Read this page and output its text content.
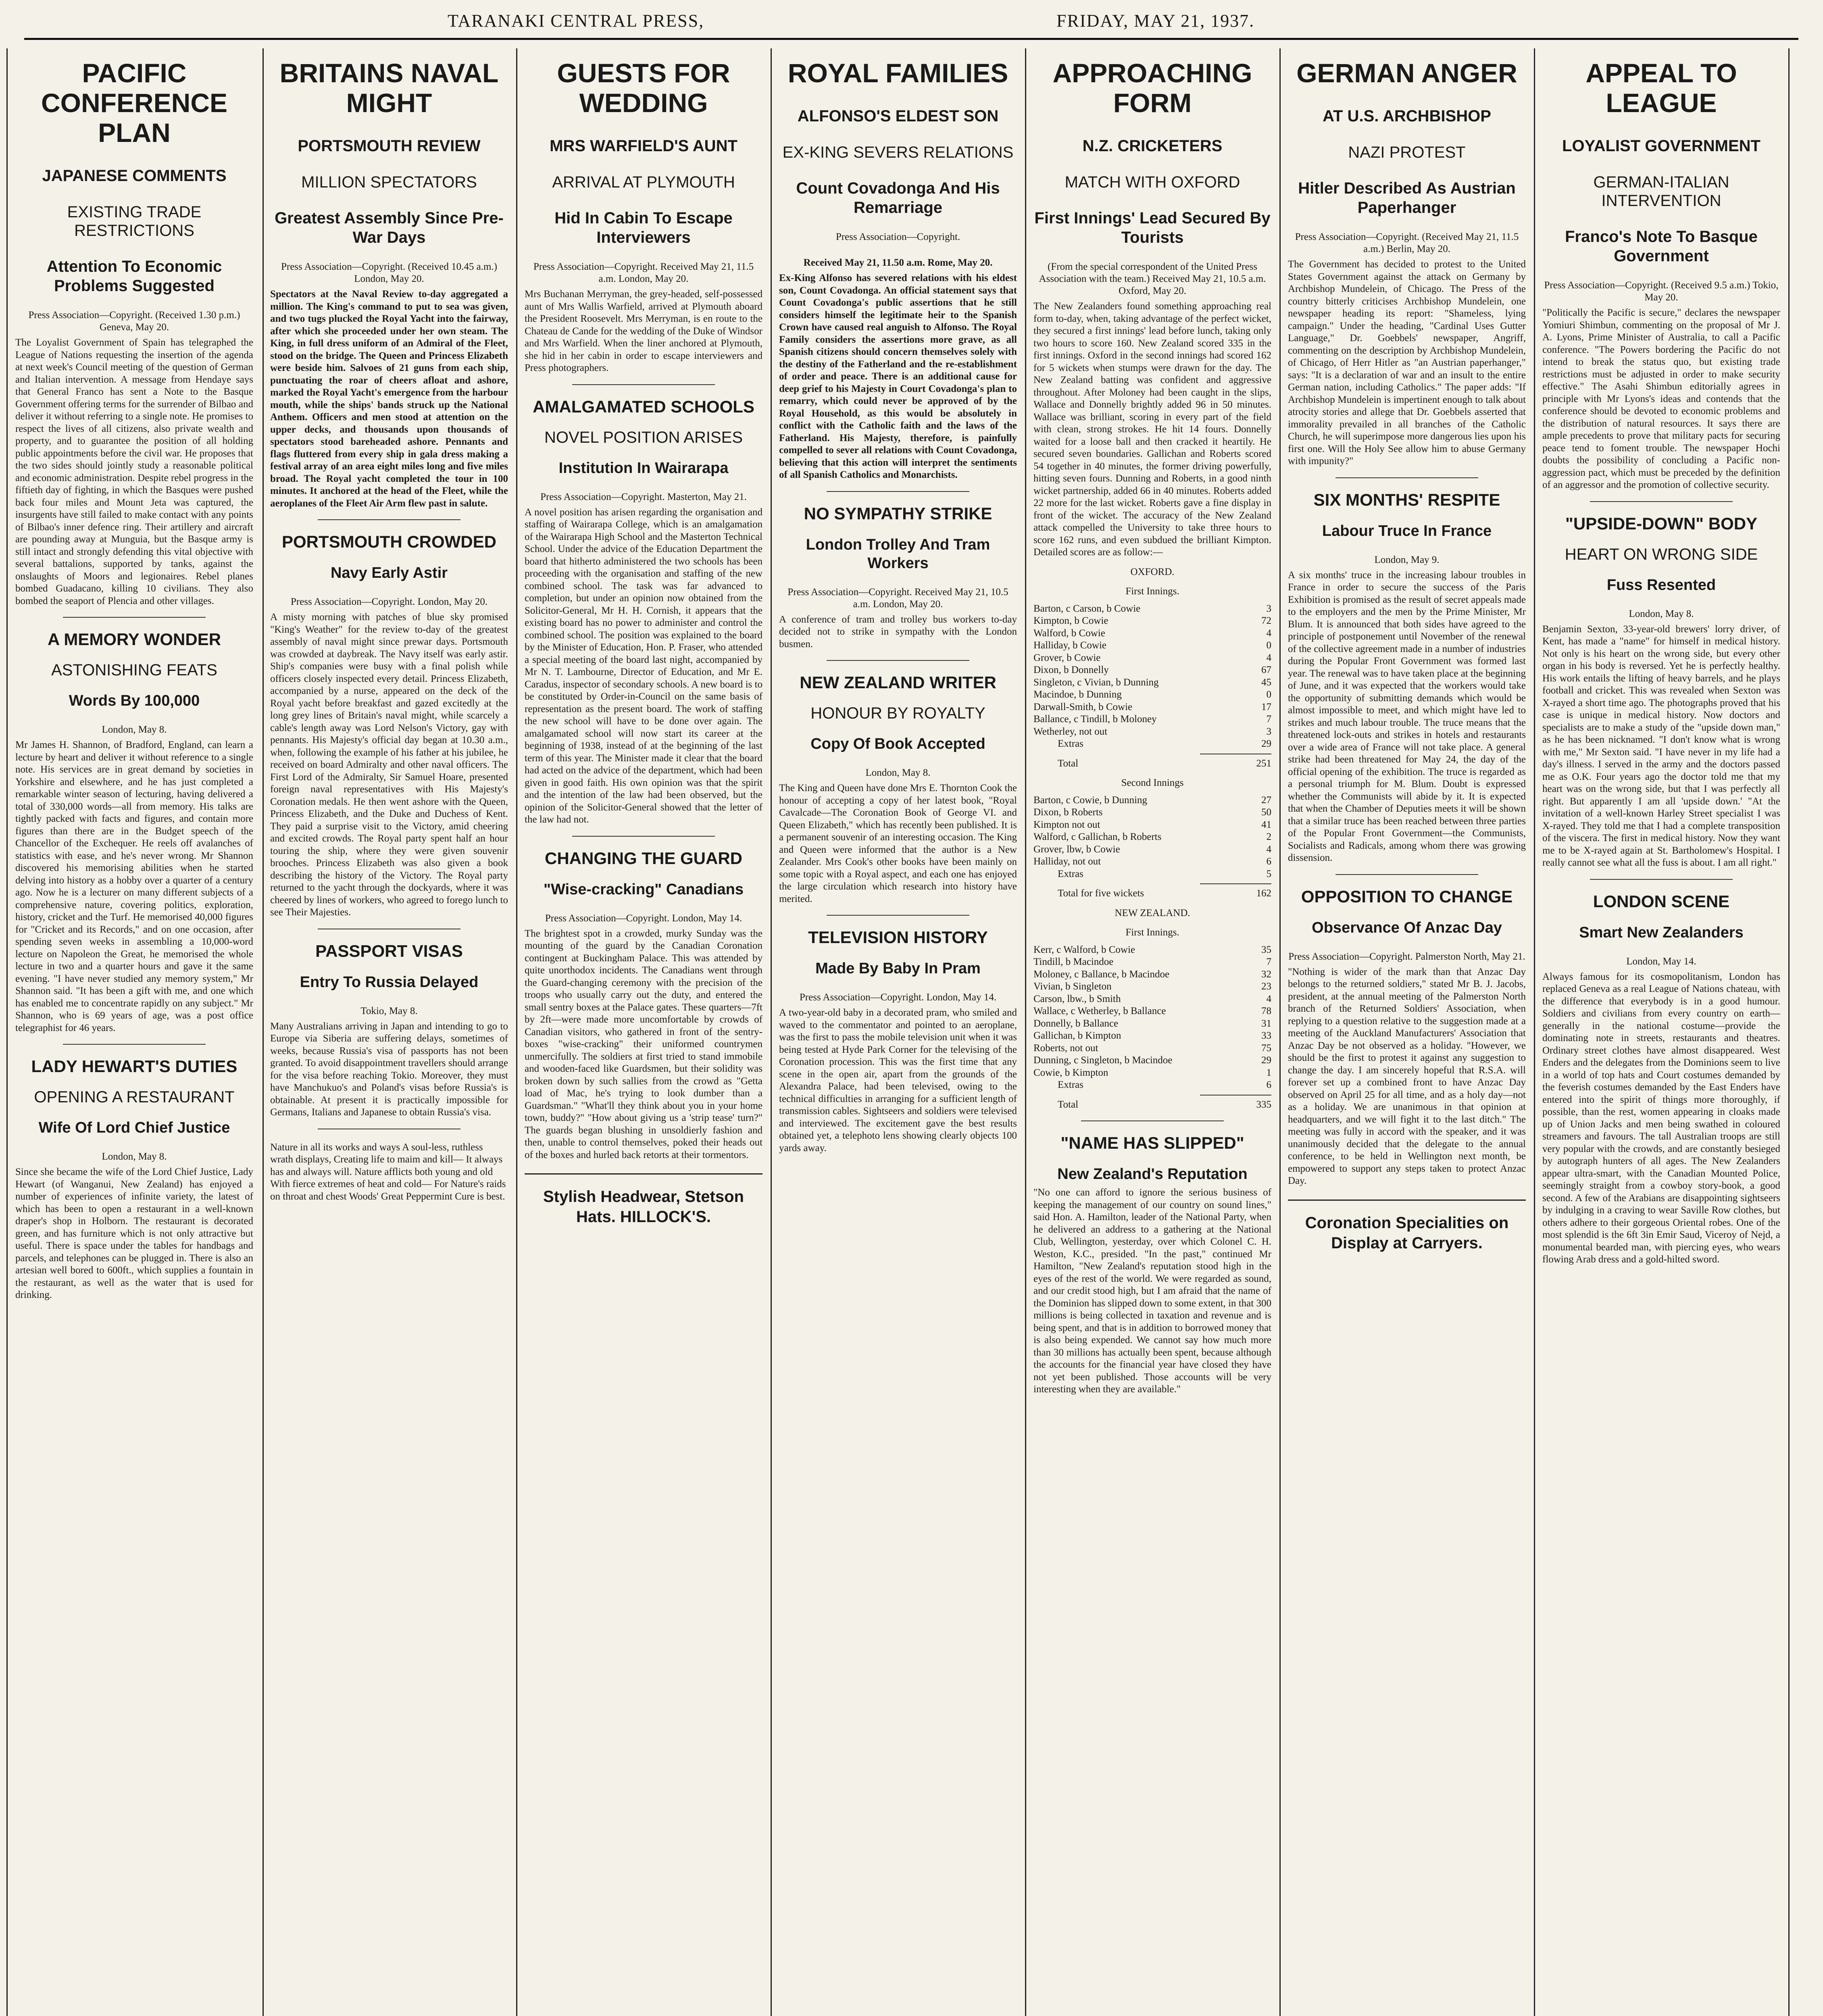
TARANAKI CENTRAL PRESS,	FRIDAY, MAY 21, 1937.
PACIFIC CONFERENCE PLAN
JAPANESE COMMENTS
EXISTING TRADE RESTRICTIONS
Attention To Economic Problems Suggested
Press Association—Copyright. (Received 1.30 p.m.) Geneva, May 20.
The Loyalist Government of Spain has telegraphed the League of Nations requesting the insertion of the agenda at next week's Council meeting of the question of German and Italian intervention. A message from Hendaye says that General Franco has sent a Note to the Basque Government offering terms for the surrender of Bilbao and deliver it without referring to a single note. He promises to respect the lives of all citizens, also private wealth and property, and to guarantee the position of all holding public appointments before the civil war. He proposes that the two sides should jointly study a reasonable political and economic administration. Despite rebel progress in the fiftieth day of fighting, in which the Basques were pushed back four miles and Mount Jeta was captured, the insurgents have still failed to make contact with any points of Bilbao's inner defence ring. Their artillery and aircraft are pounding away at Munguia, but the Basque army is still intact and strongly defending this vital objective with several battalions, supported by tanks, against the onslaughts of Moors and legionaires. Rebel planes bombed Guadacano, killing 10 civilians. They also bombed the seaport of Plencia and other villages.
A MEMORY WONDER
ASTONISHING FEATS
Words By 100,000
London, May 8.
Mr James H. Shannon, of Bradford, England, can learn a lecture by heart and deliver it without reference to a single note. His services are in great demand by societies in Yorkshire and elsewhere, and he has just completed a remarkable winter season of lecturing, having delivered a total of 330,000 words—all from memory. His talks are tightly packed with facts and figures, and contain more figures than there are in the Budget speech of the Chancellor of the Exchequer. He reels off avalanches of statistics with ease, and he's never wrong. Mr Shannon discovered his memorising abilities when he started delving into history as a hobby over a quarter of a century ago. Now he is a lecturer on many different subjects of a comprehensive nature, covering politics, exploration, history, cricket and the Turf. He memorised 40,000 figures for "Cricket and its Records," and on one occasion, after spending seven weeks in assembling a 10,000-word lecture on Napoleon the Great, he memorised the whole lecture in two and a quarter hours and gave it the same evening. "I have never studied any memory system," Mr Shannon said. "It has been a gift with me, and one which has enabled me to concentrate rapidly on any subject." Mr Shannon, who is 69 years of age, was a post office telegraphist for 46 years.
LADY HEWART'S DUTIES
OPENING A RESTAURANT
Wife Of Lord Chief Justice
London, May 8.
Since she became the wife of the Lord Chief Justice, Lady Hewart (of Wanganui, New Zealand) has enjoyed a number of experiences of infinite variety, the latest of which has been to open a restaurant in a well-known draper's shop in Holborn. The restaurant is decorated green, and has furniture which is not only attractive but useful. There is space under the tables for handbags and parcels, and telephones can be plugged in. There is also an artesian well bored to 600ft., which supplies a fountain in the restaurant, as well as the water that is used for drinking.
BRITAINS NAVAL MIGHT
PORTSMOUTH REVIEW
MILLION SPECTATORS
Greatest Assembly Since Pre-War Days
Press Association—Copyright. (Received 10.45 a.m.) London, May 20.
Spectators at the Naval Review to-day aggregated a million. The King's command to put to sea was given, and two tugs plucked the Royal Yacht into the fairway, after which she proceeded under her own steam. The King, in full dress uniform of an Admiral of the Fleet, stood on the bridge. The Queen and Princess Elizabeth were beside him. Salvoes of 21 guns from each ship, punctuating the roar of cheers afloat and ashore, marked the Royal Yacht's emergence from the harbour mouth, while the ships' bands struck up the National Anthem. Officers and men stood at attention on the upper decks, and thousands upon thousands of spectators stood bareheaded ashore. Pennants and flags fluttered from every ship in gala dress making a festival array of an area eight miles long and five miles broad. The Royal yacht completed the tour in 100 minutes. It anchored at the head of the Fleet, while the aeroplanes of the Fleet Air Arm flew past in salute.
PORTSMOUTH CROWDED
Navy Early Astir
Press Association—Copyright. London, May 20.
A misty morning with patches of blue sky promised "King's Weather" for the review to-day of the greatest assembly of naval might since prewar days. Portsmouth was crowded at daybreak. The Navy itself was early astir. Ship's companies were busy with a final polish while officers closely inspected every detail. Princess Elizabeth, accompanied by a nurse, appeared on the deck of the Royal yacht before breakfast and gazed excitedly at the long grey lines of Britain's naval might, while scarcely a cable's length away was Lord Nelson's Victory, gay with pennants. His Majesty's official day began at 10.30 a.m., when, following the example of his father at his jubilee, he received on board Admiralty and other naval officers. The First Lord of the Admiralty, Sir Samuel Hoare, presented foreign naval representatives with His Majesty's Coronation medals. He then went ashore with the Queen, Princess Elizabeth, and the Duke and Duchess of Kent. They paid a surprise visit to the Victory, amid cheering and excited crowds. The Royal party spent half an hour touring the ship, where they were given souvenir brooches. Princess Elizabeth was also given a book describing the history of the Victory. The Royal party returned to the yacht through the dockyards, where it was cheered by lines of workers, who agreed to forego lunch to see Their Majesties.
PASSPORT VISAS
Entry To Russia Delayed
Tokio, May 8.
Many Australians arriving in Japan and intending to go to Europe via Siberia are suffering delays, sometimes of weeks, because Russia's visa of passports has not been granted. To avoid disappointment travellers should arrange for the visa before reaching Tokio. Moreover, they must have Manchukuo's and Poland's visas before Russia's is obtainable. At present it is practically impossible for Germans, Italians and Japanese to obtain Russia's visa.
Nature in all its works and ways A soul-less, ruthless wrath displays, Creating life to maim and kill— It always has and always will. Nature afflicts both young and old With fierce extremes of heat and cold— For Nature's raids on throat and chest Woods' Great Peppermint Cure is best.
GUESTS FOR WEDDING
MRS WARFIELD'S AUNT
ARRIVAL AT PLYMOUTH
Hid In Cabin To Escape Interviewers
Press Association—Copyright. Received May 21, 11.5 a.m. London, May 20.
Mrs Buchanan Merryman, the grey-headed, self-possessed aunt of Mrs Wallis Warfield, arrived at Plymouth aboard the President Roosevelt. Mrs Merryman, is en route to the Chateau de Cande for the wedding of the Duke of Windsor and Mrs Warfield. When the liner anchored at Plymouth, she hid in her cabin in order to escape interviewers and Press photographers.
AMALGAMATED SCHOOLS
NOVEL POSITION ARISES
Institution In Wairarapa
Press Association—Copyright. Masterton, May 21.
A novel position has arisen regarding the organisation and staffing of Wairarapa College, which is an amalgamation of the Wairarapa High School and the Masterton Technical School. Under the advice of the Education Department the board that hitherto administered the two schools has been proceeding with the organisation and staffing of the new combined school. The task was far advanced to completion, but under an opinion now obtained from the Solicitor-General, Mr H. H. Cornish, it appears that the existing board has no power to administer and control the combined school. The position was explained to the board by the Minister of Education, Hon. P. Fraser, who attended a special meeting of the board last night, accompanied by Mr N. T. Lambourne, Director of Education, and Mr E. Caradus, inspector of secondary schools. A new board is to be constituted by Order-in-Council on the same basis of representation as the present board. The work of staffing the new school will have to be done over again. The amalgamated school will now start its career at the beginning of 1938, instead of at the beginning of the last term of this year. The Minister made it clear that the board had acted on the advice of the department, which had been given in good faith. His own opinion was that the spirit and the intention of the law had been observed, but the opinion of the Solicitor-General showed that the letter of the law had not.
CHANGING THE GUARD
"Wise-cracking" Canadians
Press Association—Copyright. London, May 14.
The brightest spot in a crowded, murky Sunday was the mounting of the guard by the Canadian Coronation contingent at Buckingham Palace. This was attended by quite unorthodox incidents. The Canadians went through the Guard-changing ceremony with the precision of the troops who usually carry out the duty, and entered the small sentry boxes at the Palace gates. These quarters—7ft by 2ft—were made more uncomfortable by crowds of Canadian visitors, who gathered in front of the sentry-boxes "wise-cracking" their uniformed countrymen unmercifully. The soldiers at first tried to stand immobile and wooden-faced like Guardsmen, but their solidity was broken down by such sallies from the crowd as "Getta load of Mac, he's trying to look dumber than a Guardsman." "What'll they think about you in your home town, buddy?" "How about giving us a 'strip tease' turn?" The guards began blushing in unsoldierly fashion and then, unable to control themselves, poked their heads out of the boxes and hurled back retorts at their tormentors.
Stylish Headwear, Stetson Hats. HILLOCK'S.
ROYAL FAMILIES
ALFONSO'S ELDEST SON
EX-KING SEVERS RELATIONS
Count Covadonga And His Remarriage
Press Association—Copyright.
Received May 21, 11.50 a.m. Rome, May 20.
Ex-King Alfonso has severed relations with his eldest son, Count Covadonga. An official statement says that Count Covadonga's public assertions that he still considers himself the legitimate heir to the Spanish Crown have caused real anguish to Alfonso. The Royal Family considers the assertions more grave, as all Spanish citizens should concern themselves solely with the destiny of the Fatherland and the re-establishment of order and peace. There is an additional cause for deep grief to his Majesty in Court Covadonga's plan to remarry, which could never be approved of by the Royal Household, as this would be absolutely in conflict with the Catholic faith and the laws of the Fatherland. His Majesty, therefore, is painfully compelled to sever all relations with Count Covadonga, believing that this action will interpret the sentiments of all Spanish Catholics and Monarchists.
NO SYMPATHY STRIKE
London Trolley And Tram Workers
Press Association—Copyright. Received May 21, 10.5 a.m. London, May 20.
A conference of tram and trolley bus workers to-day decided not to strike in sympathy with the London busmen.
NEW ZEALAND WRITER
HONOUR BY ROYALTY
Copy Of Book Accepted
London, May 8.
The King and Queen have done Mrs E. Thornton Cook the honour of accepting a copy of her latest book, "Royal Cavalcade—The Coronation Book of George VI. and Queen Elizabeth," which has recently been published. It is a permanent souvenir of an interesting occasion. The King and Queen were informed that the author is a New Zealander. Mrs Cook's other books have been mainly on some topic with a Royal aspect, and each one has enjoyed the large circulation which research into history have merited.
TELEVISION HISTORY
Made By Baby In Pram
Press Association—Copyright. London, May 14.
A two-year-old baby in a decorated pram, who smiled and waved to the commentator and pointed to an aeroplane, was the first to pass the mobile television unit when it was being tested at Hyde Park Corner for the televising of the Coronation procession. This was the first time that any scene in the open air, apart from the grounds of the Alexandra Palace, had been televised, owing to the technical difficulties in arranging for a sufficient length of transmission cables. Sightseers and soldiers were televised and interviewed. The excitement gave the best results obtained yet, a telephoto lens showing clearly objects 100 yards away.
APPROACHING FORM
N.Z. CRICKETERS
MATCH WITH OXFORD
First Innings' Lead Secured By Tourists
(From the special correspondent of the United Press Association with the team.) Received May 21, 10.5 a.m. Oxford, May 20.
The New Zealanders found something approaching real form to-day, when, taking advantage of the perfect wicket, they secured a first innings' lead before lunch, taking only two hours to score 160. New Zealand scored 335 in the first innings. Oxford in the second innings had scored 162 for 5 wickets when stumps were drawn for the day. The New Zealand batting was confident and aggressive throughout. After Moloney had been caught in the slips, Wallace and Donnelly brightly added 96 in 50 minutes. Wallace was brilliant, scoring in every part of the field with clean, strong strokes. He hit 14 fours. Donnelly waited for a loose ball and then cracked it heartily. He secured seven boundaries. Gallichan and Roberts scored 54 together in 40 minutes, the former driving powerfully, hitting seven fours. Dunning and Roberts, in a good ninth wicket partnership, added 66 in 40 minutes. Roberts added 22 more for the last wicket. Roberts gave a fine display in front of the wicket. The accuracy of the New Zealand attack compelled the University to take three hours to score 162 runs, and even subdued the brilliant Kimpton. Detailed scores are as follow:—
OXFORD.
First Innings.
Barton, c Carson, b Cowie	3
Kimpton, b Cowie	72
Walford, b Cowie	4
Halliday, b Cowie	0
Grover, b Cowie	4
Dixon, b Donnelly	67
Singleton, c Vivian, b Dunning	45
Macindoe, b Dunning	0
Darwall-Smith, b Cowie	17
Ballance, c Tindill, b Moloney	7
Wetherley, not out	3
Extras	29
Total	251
Second Innings
Barton, c Cowie, b Dunning	27
Dixon, b Roberts	50
Kimpton not out	41
Walford, c Gallichan, b Roberts	2
Grover, lbw, b Cowie	4
Halliday, not out	6
Extras	5
Total for five wickets	162
NEW ZEALAND.
First Innings.
Kerr, c Walford, b Cowie	35
Tindill, b Macindoe	7
Moloney, c Ballance, b Macindoe	32
Vivian, b Singleton	23
Carson, lbw., b Smith	4
Wallace, c Wetherley, b Ballance	78
Donnelly, b Ballance	31
Gallichan, b Kimpton	33
Roberts, not out	75
Dunning, c Singleton, b Macindoe	29
Cowie, b Kimpton	1
Extras	6
Total	335
"NAME HAS SLIPPED"
New Zealand's Reputation
"No one can afford to ignore the serious business of keeping the management of our country on sound lines," said Hon. A. Hamilton, leader of the National Party, when he delivered an address to a gathering at the National Club, Wellington, yesterday, over which Colonel C. H. Weston, K.C., presided. "In the past," continued Mr Hamilton, "New Zealand's reputation stood high in the eyes of the rest of the world. We were regarded as sound, and our credit stood high, but I am afraid that the name of the Dominion has slipped down to some extent, in that 300 millions is being collected in taxation and revenue and is being spent, and that is in addition to borrowed money that is also being expended. We cannot say how much more than 30 millions has actually been spent, because although the accounts for the financial year have closed they have not yet been published. Those accounts will be very interesting when they are available."
GERMAN ANGER
AT U.S. ARCHBISHOP
NAZI PROTEST
Hitler Described As Austrian Paperhanger
Press Association—Copyright. (Received May 21, 11.5 a.m.) Berlin, May 20.
The Government has decided to protest to the United States Government against the attack on Germany by Archbishop Mundelein, of Chicago. The Press of the country bitterly criticises Archbishop Mundelein, one newspaper heading its report: "Shameless, lying campaign." Under the heading, "Cardinal Uses Gutter Language," Dr. Goebbels' newspaper, Angriff, commenting on the description by Archbishop Mundelein, of Chicago, of Herr Hitler as "an Austrian paperhanger," says: "It is a declaration of war and an insult to the entire German nation, including Catholics." The paper adds: "If Archbishop Mundelein is impertinent enough to talk about atrocity stories and allege that Dr. Goebbels asserted that immorality prevailed in all branches of the Catholic Church, he will superimpose more dangerous lies upon his first one. Will the Holy See allow him to abuse Germany with impunity?"
SIX MONTHS' RESPITE
Labour Truce In France
London, May 9.
A six months' truce in the increasing labour troubles in France in order to secure the success of the Paris Exhibition is promised as the result of secret appeals made to the employers and the men by the Prime Minister, Mr Blum. It is announced that both sides have agreed to the principle of postponement until November of the renewal of the collective agreement made in a number of industries during the Popular Front Government was formed last year. The renewal was to have taken place at the beginning of June, and it was expected that the workers would take the opportunity of submitting demands which would be almost impossible to meet, and which might have led to strikes and much labour trouble. The truce means that the threatened lock-outs and strikes in hotels and restaurants over a wide area of France will not take place. A general strike had been threatened for May 24, the day of the official opening of the exhibition. The truce is regarded as a personal triumph for M. Blum. Doubt is expressed whether the Communists will abide by it. It is expected that when the Chamber of Deputies meets it will be shown that a similar truce has been reached between three parties of the Popular Front Government—the Communists, Socialists and Radicals, among whom there was growing dissension.
OPPOSITION TO CHANGE
Observance Of Anzac Day
Press Association—Copyright. Palmerston North, May 21.
"Nothing is wider of the mark than that Anzac Day belongs to the returned soldiers," stated Mr B. J. Jacobs, president, at the annual meeting of the Palmerston North branch of the Returned Soldiers' Association, when replying to a question relative to the suggestion made at a meeting of the Auckland Manufacturers' Association that Anzac Day be not observed as a holiday. "However, we should be the first to protest it against any suggestion to change the day. I am sincerely hopeful that R.S.A. will forever set up a combined front to have Anzac Day observed on April 25 for all time, and as a holy day—not as a holiday. We are unanimous in that opinion at headquarters, and we will fight it to the last ditch." The meeting was fully in accord with the speaker, and it was unanimously decided that the delegate to the annual conference, to be held in Wellington next month, be empowered to support any steps taken to protect Anzac Day.
Coronation Specialities on Display at Carryers.
APPEAL TO LEAGUE
LOYALIST GOVERNMENT
GERMAN-ITALIAN INTERVENTION
Franco's Note To Basque Government
Press Association—Copyright. (Received 9.5 a.m.) Tokio, May 20.
"Politically the Pacific is secure," declares the newspaper Yomiuri Shimbun, commenting on the proposal of Mr J. A. Lyons, Prime Minister of Australia, to call a Pacific conference. "The Powers bordering the Pacific do not intend to break the status quo, but existing trade restrictions must be adjusted in order to make security effective." The Asahi Shimbun editorially agrees in principle with Mr Lyons's ideas and contends that the conference should be devoted to economic problems and the distribution of natural resources. It says there are ample precedents to prove that military pacts for securing peace tend to foment trouble. The newspaper Hochi doubts the possibility of concluding a Pacific non-aggression pact, which must be preceded by the definition of an aggressor and the promotion of collective security.
"UPSIDE-DOWN" BODY
HEART ON WRONG SIDE
Fuss Resented
London, May 8.
Benjamin Sexton, 33-year-old brewers' lorry driver, of Kent, has made a "name" for himself in medical history. Not only is his heart on the wrong side, but every other organ in his body is reversed. Yet he is perfectly healthy. His work entails the lifting of heavy barrels, and he plays football and cricket. This was revealed when Sexton was X-rayed a short time ago. The photographs proved that his case is unique in medical history. Now doctors and specialists are to make a study of the "upside down man," as he has been nicknamed. "I don't know what is wrong with me," Mr Sexton said. "I have never in my life had a day's illness. I served in the army and the doctors passed me as O.K. Four years ago the doctor told me that my heart was on the wrong side, but that I was perfectly all right. But apparently I am all 'upside down.' "At the invitation of a well-known Harley Street specialist I was X-rayed. They told me that I had a complete transposition of the viscera. The first in medical history. Now they want me to be X-rayed again at St. Bartholomew's Hospital. I really cannot see what all the fuss is about. I am all right."
LONDON SCENE
Smart New Zealanders
London, May 14.
Always famous for its cosmopolitanism, London has replaced Geneva as a real League of Nations chateau, with the difference that everybody is in a good humour. Soldiers and civilians from every country on earth—generally in the national costume—provide the dominating note in streets, restaurants and theatres. Ordinary street clothes have almost disappeared. West Enders and the delegates from the Dominions seem to live in a world of top hats and Court costumes demanded by the feverish costumes demanded by the East Enders have entered into the spirit of things more thoroughly, if possible, than the rest, women appearing in cloaks made up of Union Jacks and men being swathed in coloured streamers and favours. The tall Australian troops are still very popular with the crowds, and are constantly besieged by autograph hunters of all ages. The New Zealanders appear ultra-smart, with the Canadian Mounted Police, seemingly straight from a cowboy story-book, a good second. A few of the Arabians are disappointing sightseers by indulging in a craving to wear Saville Row clothes, but others adhere to their gorgeous Oriental robes. One of the most splendid is the 6ft 3in Emir Saud, Viceroy of Nejd, a monumental bearded man, with piercing eyes, who wears flowing Arab dress and a gold-hilted sword.
